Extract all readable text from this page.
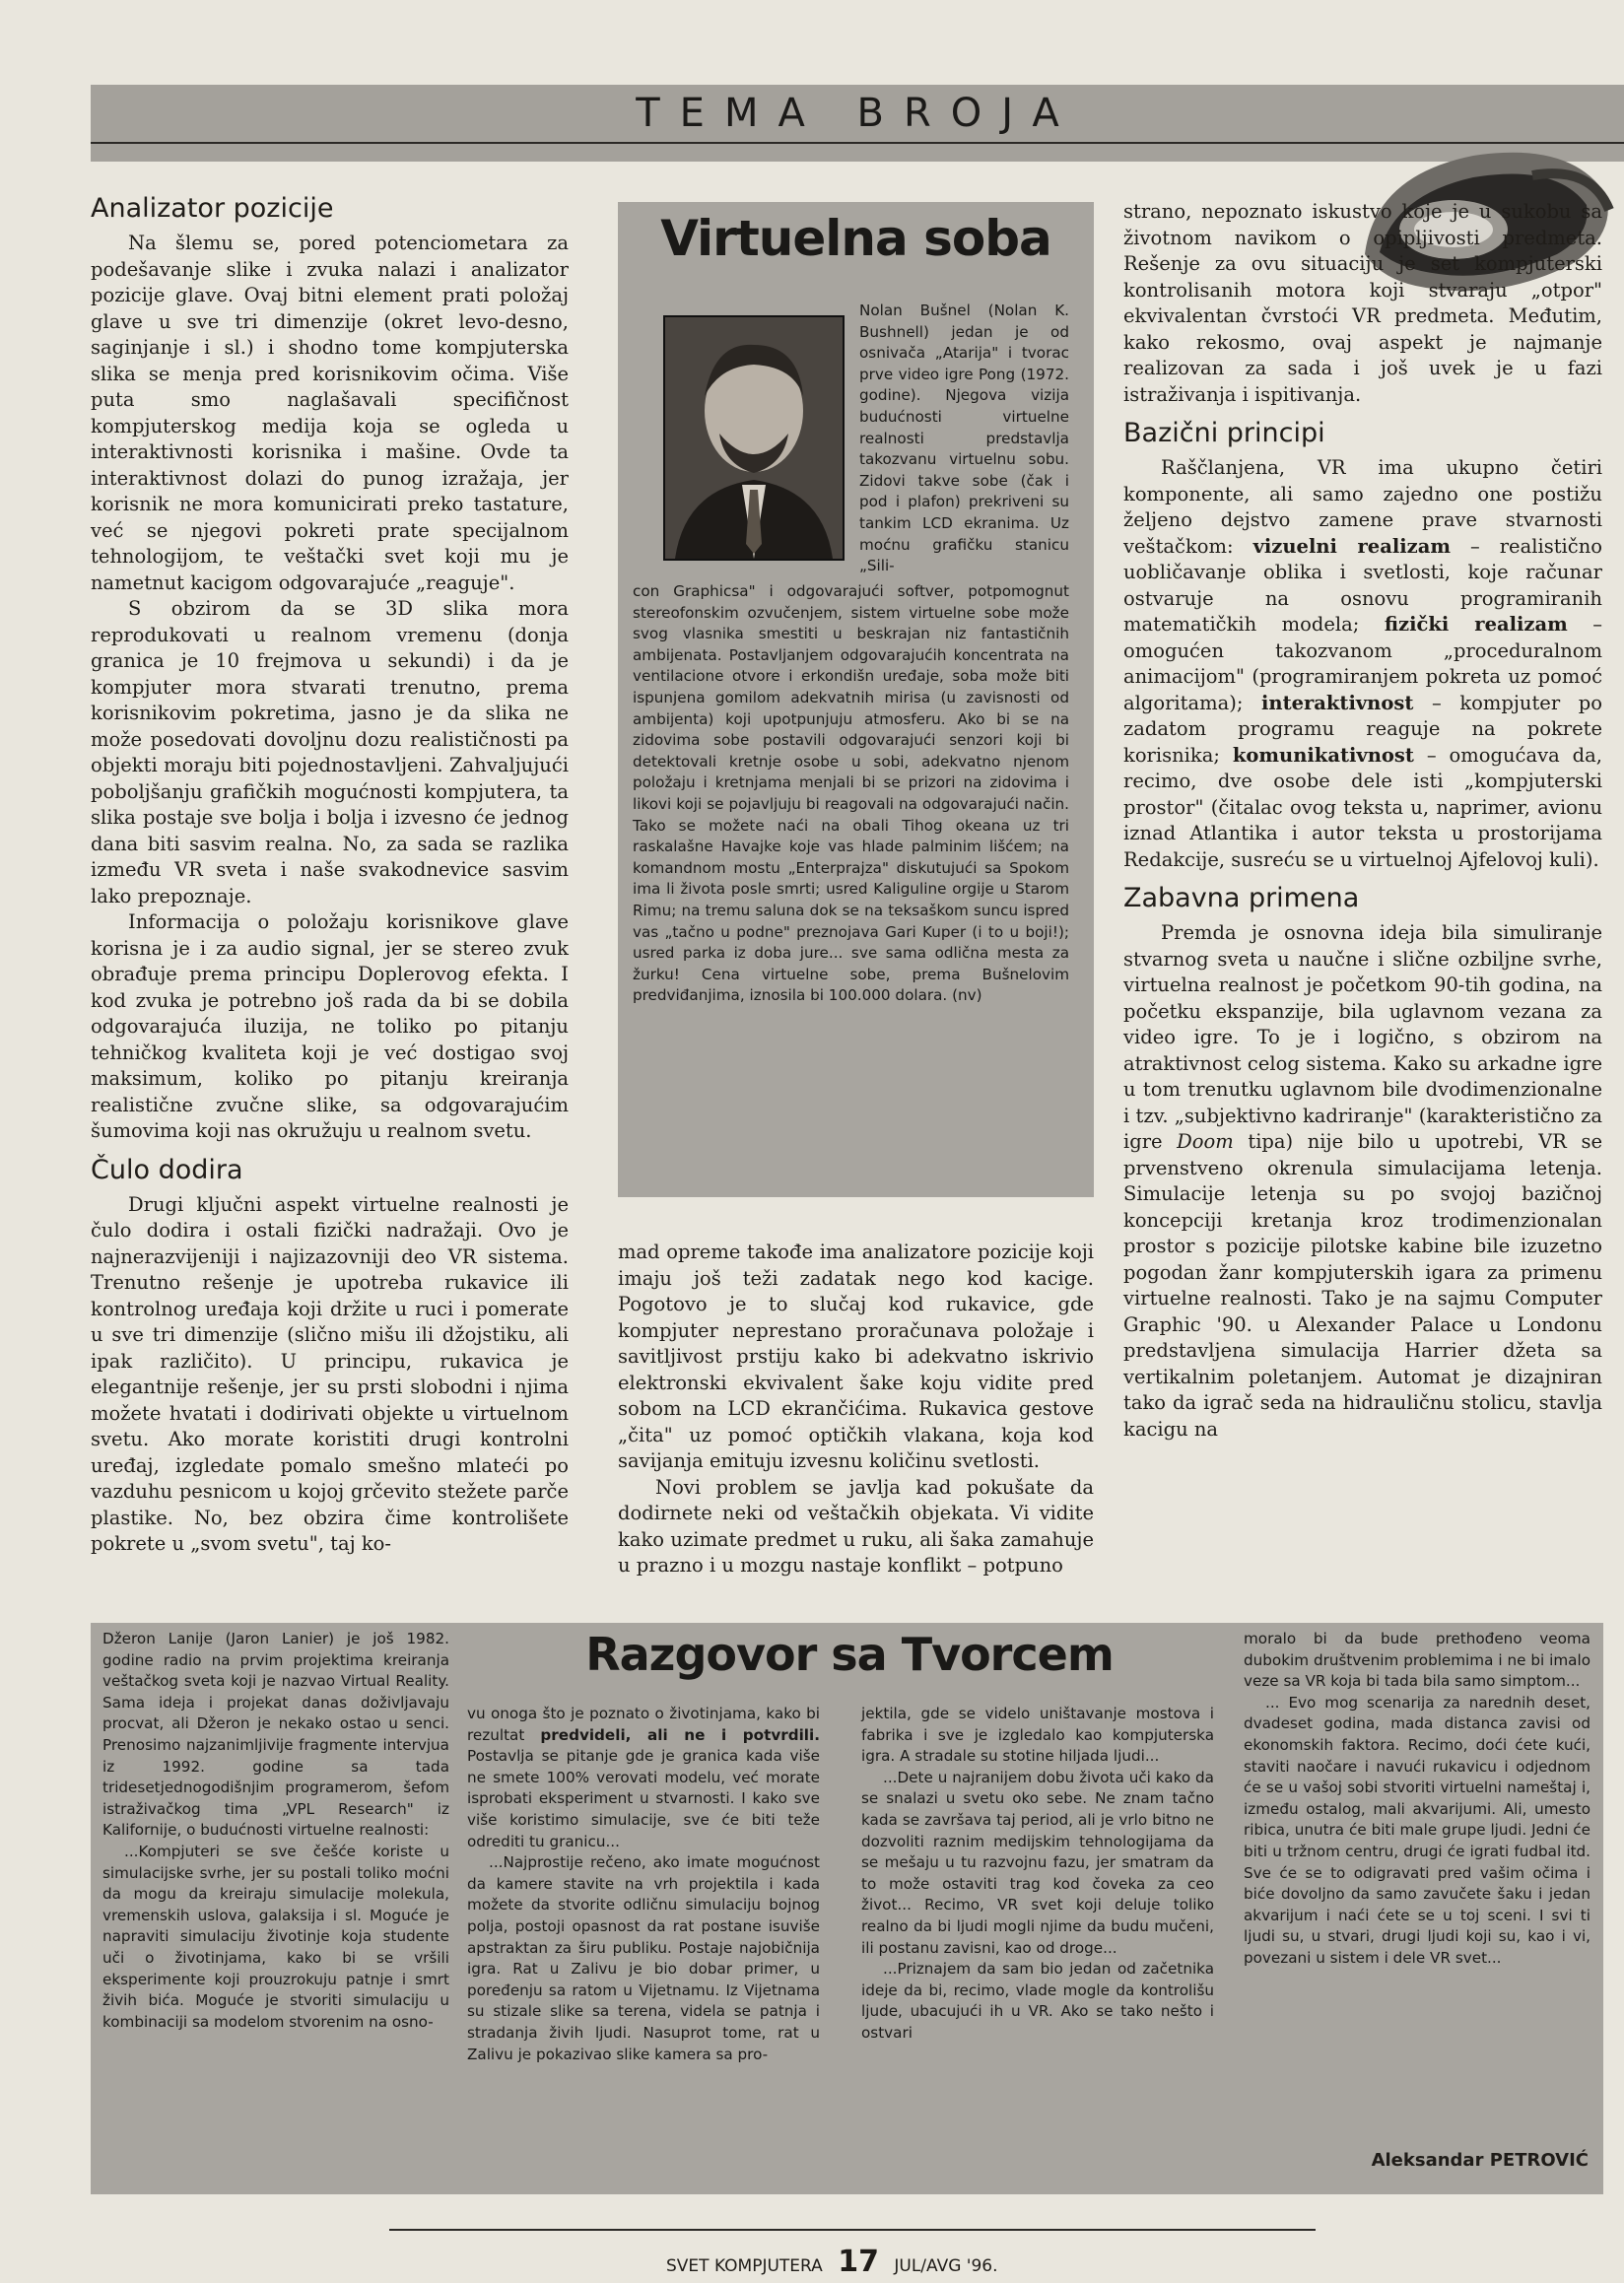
TEMA BROJA
Analizator pozicije

Na šlemu se, pored potenciometara za podešavanje slike i zvuka nalazi i analizator pozicije glave. Ovaj bitni element prati položaj glave u sve tri dimenzije (okret levo-desno, saginjanje i sl.) i shodno tome kompjuterska slika se menja pred korisnikovim očima. Više puta smo naglašavali specifičnost kompjuterskog medija koja se ogleda u interaktivnosti korisnika i mašine. Ovde ta interaktivnost dolazi do punog izražaja, jer korisnik ne mora komunicirati preko tastature, već se njegovi pokreti prate specijalnom tehnologijom, te veštački svet koji mu je nametnut kacigom odgovarajuće „reaguje".

S obzirom da se 3D slika mora reprodukovati u realnom vremenu (donja granica je 10 frejmova u sekundi) i da je kompjuter mora stvarati trenutno, prema korisnikovim pokretima, jasno je da slika ne može posedovati dovoljnu dozu realističnosti pa objekti moraju biti pojednostavljeni. Zahvaljujući poboljšanju grafičkih mogućnosti kompjutera, ta slika postaje sve bolja i bolja i izvesno će jednog dana biti sasvim realna. No, za sada se razlika između VR sveta i naše svakodnevice sasvim lako prepoznaje.

Informacija o položaju korisnikove glave korisna je i za audio signal, jer se stereo zvuk obrađuje prema principu Doplerovog efekta. I kod zvuka je potrebno još rada da bi se dobila odgovarajuća iluzija, ne toliko po pitanju tehničkog kvaliteta koji je već dostigao svoj maksimum, koliko po pitanju kreiranja realistične zvučne slike, sa odgovarajućim šumovima koji nas okružuju u realnom svetu.

Čulo dodira

Drugi ključni aspekt virtuelne realnosti je čulo dodira i ostali fizički nadražaji. Ovo je najnerazvijeniji i najizazovniji deo VR sistema. Trenutno rešenje je upotreba rukavice ili kontrolnog uređaja koji držite u ruci i pomerate u sve tri dimenzije (slično mišu ili džojstiku, ali ipak različito). U principu, rukavica je elegantnije rešenje, jer su prsti slobodni i njima možete hvatati i dodirivati objekte u virtuelnom svetu. Ako morate koristiti drugi kontrolni uređaj, izgledate pomalo smešno mlateći po vazduhu pesnicom u kojoj grčevito stežete parče plastike. No, bez obzira čime kontrolišete pokrete u „svom svetu", taj ko-

Virtuelna soba
Nolan Bušnel (Nolan K. Bushnell) jedan je od osnivača „Atarija" i tvorac prve video igre Pong (1972. godine). Njegova vizija budućnosti virtuelne realnosti predstavlja takozvanu virtuelnu sobu. Zidovi takve sobe (čak i pod i plafon) prekriveni su tankim LCD ekranima. Uz moćnu grafičku stanicu „Sili-
con Graphicsa" i odgovarajući softver, potpomognut stereofonskim ozvučenjem, sistem virtuelne sobe može svog vlasnika smestiti u beskrajan niz fantastičnih ambijenata. Postavljanjem odgovarajućih koncentrata na ventilacione otvore i erkondišn uređaje, soba može biti ispunjena gomilom adekvatnih mirisa (u zavisnosti od ambijenta) koji upotpunjuju atmosferu. Ako bi se na zidovima sobe postavili odgovarajući senzori koji bi detektovali kretnje osobe u sobi, adekvatno njenom položaju i kretnjama menjali bi se prizori na zidovima i likovi koji se pojavljuju bi reagovali na odgovarajući način. Tako se možete naći na obali Tihog okeana uz tri raskalašne Havajke koje vas hlade palminim lišćem; na komandnom mostu „Enterprajza" diskutujući sa Spokom ima li života posle smrti; usred Kaliguline orgije u Starom Rimu; na tremu saluna dok se na teksaškom suncu ispred vas „tačno u podne" preznojava Gari Kuper (i to u boji!); usred parka iz doba jure... sve sama odlična mesta za žurku! Cena virtuelne sobe, prema Bušnelovim predviđanjima, iznosila bi 100.000 dolara. (nv)

mad opreme takođe ima analizatore pozicije koji imaju još teži zadatak nego kod kacige. Pogotovo je to slučaj kod rukavice, gde kompjuter neprestano proračunava položaje i savitljivost prstiju kako bi adekvatno iskrivio elektronski ekvivalent šake koju vidite pred sobom na LCD ekrančićima. Rukavica gestove „čita" uz pomoć optičkih vlakana, koja kod savijanja emituju izvesnu količinu svetlosti.

Novi problem se javlja kad pokušate da dodirnete neki od veštačkih objekata. Vi vidite kako uzimate predmet u ruku, ali šaka zamahuje u prazno i u mozgu nastaje konflikt – potpuno

strano, nepoznato iskustvo koje je u sukobu sa životnom navikom o opipljivosti predmeta. Rešenje za ovu situaciju je set kompjuterski kontrolisanih motora koji stvaraju „otpor" ekvivalentan čvrstoći VR predmeta. Međutim, kako rekosmo, ovaj aspekt je najmanje realizovan za sada i još uvek je u fazi istraživanja i ispitivanja.

Bazični principi

Raščlanjena, VR ima ukupno četiri komponente, ali samo zajedno one postižu željeno dejstvo zamene prave stvarnosti veštačkom: vizuelni realizam – realistično uobličavanje oblika i svetlosti, koje računar ostvaruje na osnovu programiranih matematičkih modela; fizički realizam – omogućen takozvanom „proceduralnom animacijom" (programiranjem pokreta uz pomoć algoritama); interaktivnost – kompjuter po zadatom programu reaguje na pokrete korisnika; komunikativnost – omogućava da, recimo, dve osobe dele isti „kompjuterski prostor" (čitalac ovog teksta u, naprimer, avionu iznad Atlantika i autor teksta u prostorijama Redakcije, susreću se u virtuelnoj Ajfelovoj kuli).

Zabavna primena

Premda je osnovna ideja bila simuliranje stvarnog sveta u naučne i slične ozbiljne svrhe, virtuelna realnost je početkom 90-tih godina, na početku ekspanzije, bila uglavnom vezana za video igre. To je i logično, s obzirom na atraktivnost celog sistema. Kako su arkadne igre u tom trenutku uglavnom bile dvodimenzionalne i tzv. „subjektivno kadriranje" (karakteristično za igre Doom tipa) nije bilo u upotrebi, VR se prvenstveno okrenula simulacijama letenja. Simulacije letenja su po svojoj bazičnoj koncepciji kretanja kroz trodimenzionalan prostor s pozicije pilotske kabine bile izuzetno pogodan žanr kompjuterskih igara za primenu virtuelne realnosti. Tako je na sajmu Computer Graphic '90. u Alexander Palace u Londonu predstavljena simulacija Harrier džeta sa vertikalnim poletanjem. Automat je dizajniran tako da igrač seda na hidrauličnu stolicu, stavlja kacigu na

Razgovor sa Tvorcem
Džeron Lanije (Jaron Lanier) je još 1982. godine radio na prvim projektima kreiranja veštačkog sveta koji je nazvao Virtual Reality. Sama ideja i projekat danas doživljavaju procvat, ali Džeron je nekako ostao u senci. Prenosimo najzanimljivije fragmente intervjua iz 1992. godine sa tada tridesetjednogodišnjim programerom, šefom istraživačkog tima „VPL Research" iz Kalifornije, o budućnosti virtuelne realnosti:
...Kompjuteri se sve češće koriste u simulacijske svrhe, jer su postali toliko moćni da mogu da kreiraju simulacije molekula, vremenskih uslova, galaksija i sl. Moguće je napraviti simulaciju životinje koja studente uči o životinjama, kako bi se vršili eksperimente koji prouzrokuju patnje i smrt živih bića. Moguće je stvoriti simulaciju u kombinaciji sa modelom stvorenim na osno-
vu onoga što je poznato o životinjama, kako bi rezultat predvideli, ali ne i potvrdili. Postavlja se pitanje gde je granica kada više ne smete 100% verovati modelu, već morate isprobati eksperiment u stvarnosti. I kako sve više koristimo simulacije, sve će biti teže odrediti tu granicu...
...Najprostije rečeno, ako imate mogućnost da kamere stavite na vrh projektila i kada možete da stvorite odličnu simulaciju bojnog polja, postoji opasnost da rat postane isuviše apstraktan za širu publiku. Postaje najobičnija igra. Rat u Zalivu je bio dobar primer, u poređenju sa ratom u Vijetnamu. Iz Vijetnama su stizale slike sa terena, videla se patnja i stradanja živih ljudi. Nasuprot tome, rat u Zalivu je pokazivao slike kamera sa pro-
jektila, gde se videlo uništavanje mostova i fabrika i sve je izgledalo kao kompjuterska igra. A stradale su stotine hiljada ljudi...
...Dete u najranijem dobu života uči kako da se snalazi u svetu oko sebe. Ne znam tačno kada se završava taj period, ali je vrlo bitno ne dozvoliti raznim medijskim tehnologijama da se mešaju u tu razvojnu fazu, jer smatram da to može ostaviti trag kod čoveka za ceo život... Recimo, VR svet koji deluje toliko realno da bi ljudi mogli njime da budu mučeni, ili postanu zavisni, kao od droge...
...Priznajem da sam bio jedan od začetnika ideje da bi, recimo, vlade mogle da kontrolišu ljude, ubacujući ih u VR. Ako se tako nešto i ostvari
moralo bi da bude prethođeno veoma dubokim društvenim problemima i ne bi imalo veze sa VR koja bi tada bila samo simptom...
... Evo mog scenarija za narednih deset, dvadeset godina, mada distanca zavisi od ekonomskih faktora. Recimo, doći ćete kući, staviti naočare i navući rukavicu i odjednom će se u vašoj sobi stvoriti virtuelni nameštaj i, između ostalog, mali akvarijumi. Ali, umesto ribica, unutra će biti male grupe ljudi. Jedni će biti u tržnom centru, drugi će igrati fudbal itd. Sve će se to odigravati pred vašim očima i biće dovoljno da samo zavučete šaku i jedan akvarijum i naći ćete se u toj sceni. I svi ti ljudi su, u stvari, drugi ljudi koji su, kao i vi, povezani u sistem i dele VR svet...
Aleksandar PETROVIĆ
SVET KOMPJUTERA 17 JUL/AVG '96.
